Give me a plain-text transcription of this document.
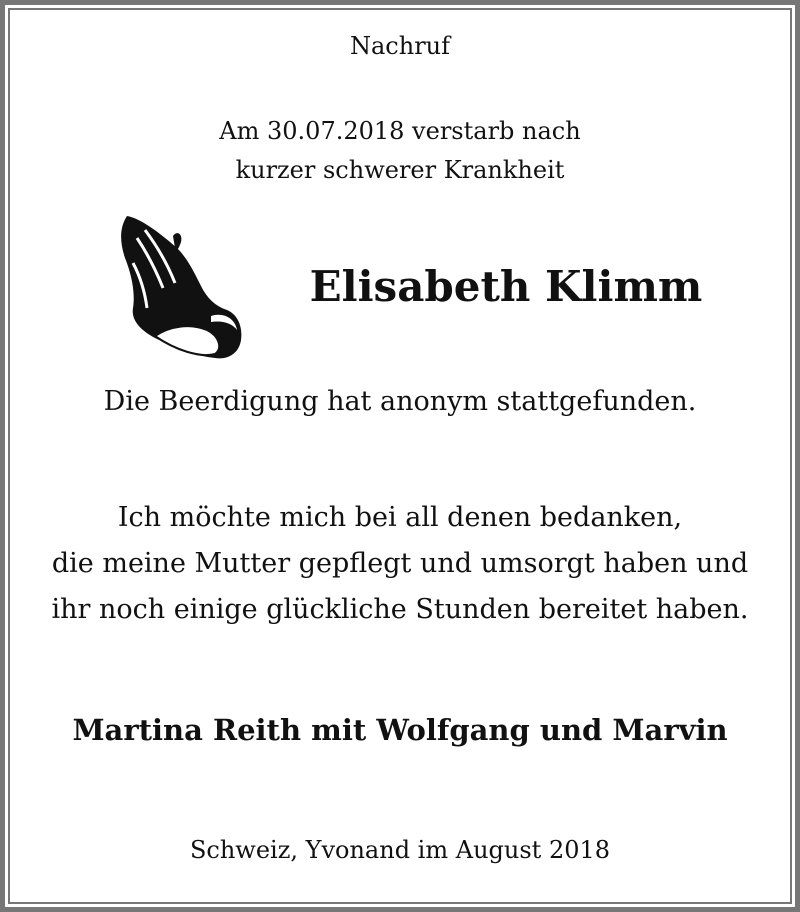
Nachruf
Am 30.07.2018 verstarb nach
kurzer schwerer Krankheit
Elisabeth Klimm
Die Beerdigung hat anonym stattgefunden.
Ich möchte mich bei all denen bedanken,
die meine Mutter gepflegt und umsorgt haben und
ihr noch einige glückliche Stunden bereitet haben.
Martina Reith mit Wolfgang und Marvin
Schweiz, Yvonand im August 2018
